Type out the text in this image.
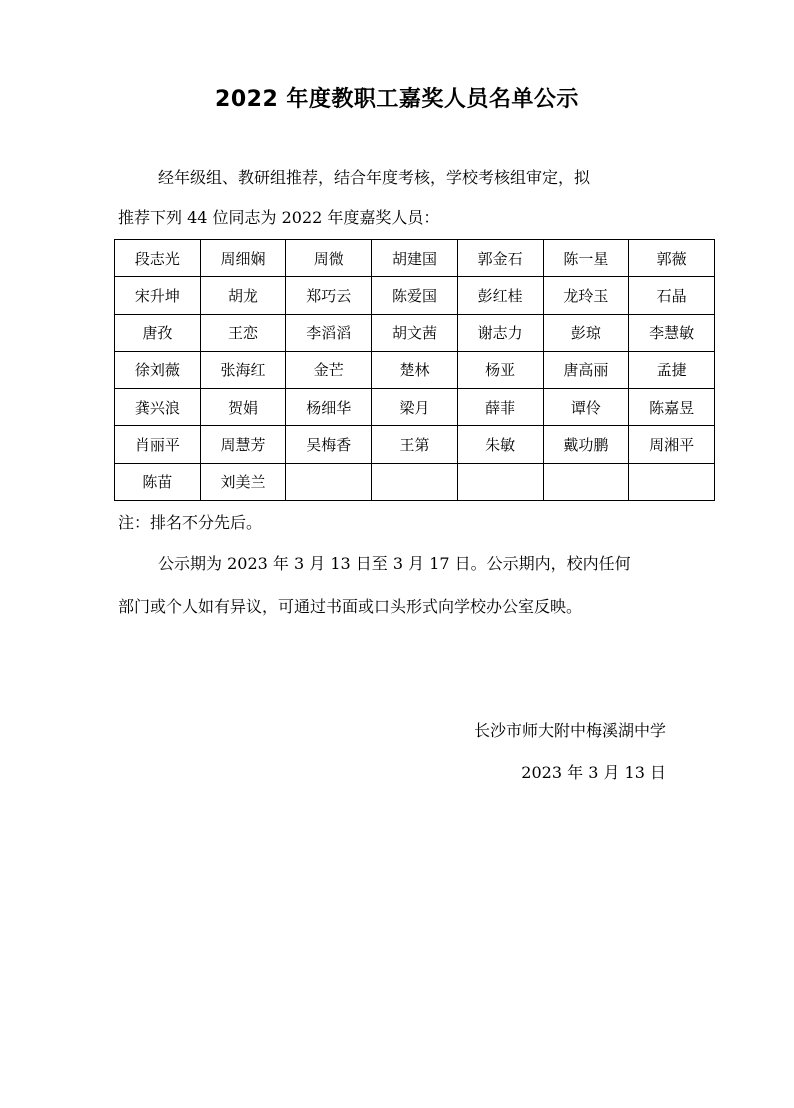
2022 年度教职工嘉奖人员名单公示
经年级组、教研组推荐，结合年度考核，学校考核组审定，拟
推荐下列 44 位同志为 2022 年度嘉奖人员：
段志光	周细娴	周微	胡建国	郭金石	陈一星	郭薇
宋升坤	胡龙	郑巧云	陈爱国	彭红桂	龙玲玉	石晶
唐孜	王恋	李滔滔	胡文茜	谢志力	彭琼	李慧敏
徐刘薇	张海红	金芒	楚林	杨亚	唐高丽	孟捷
龚兴浪	贺娟	杨细华	梁月	薛菲	谭伶	陈嘉昱
肖丽平	周慧芳	吴梅香	王第	朱敏	戴功鹏	周湘平
陈苗	刘美兰					
注：排名不分先后。
公示期为 2023 年 3 月 13 日至 3 月 17 日。公示期内，校内任何
部门或个人如有异议，可通过书面或口头形式向学校办公室反映。
长沙市师大附中梅溪湖中学
2023 年 3 月 13 日
